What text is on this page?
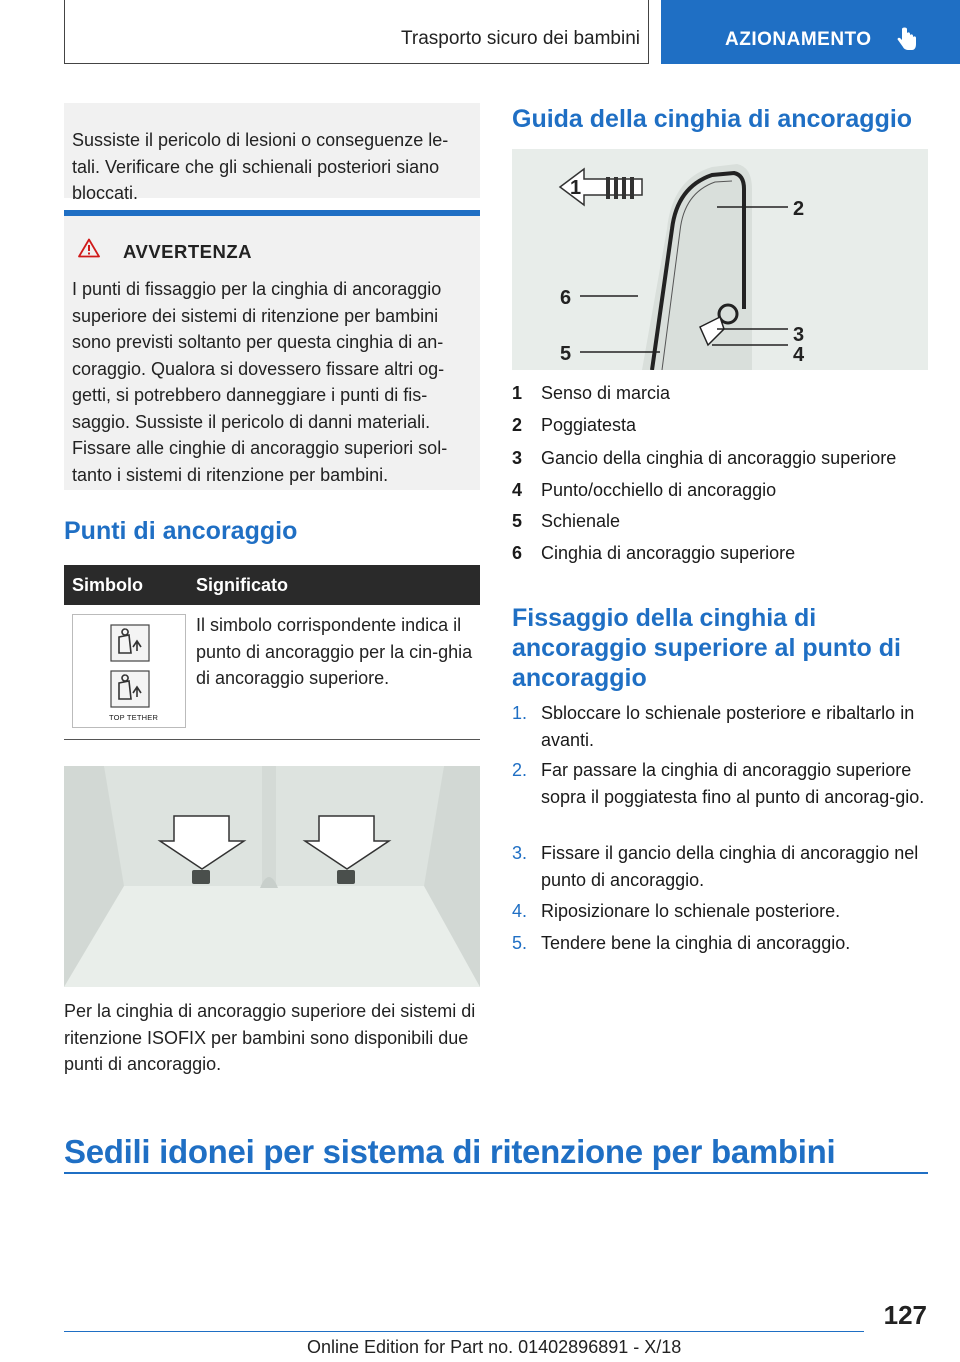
Trasporto sicuro dei bambini	AZIONAMENTO

Sussiste il pericolo di lesioni o conseguenze le-tali. Verificare che gli schienali posteriori siano bloccati.

AVVERTENZA

I punti di fissaggio per la cinghia di ancoraggio superiore dei sistemi di ritenzione per bambini sono previsti soltanto per questa cinghia di an-coraggio. Qualora si dovessero fissare altri og-getti, si potrebbero danneggiare i punti di fis-saggio. Sussiste il pericolo di danni materiali. Fissare alle cinghie di ancoraggio superiori sol-tanto i sistemi di ritenzione per bambini.

Punti di ancoraggio
Simbolo	Significato
TOP TETHER

Il simbolo corrispondente indica il punto di ancoraggio per la cin-ghia di ancoraggio superiore.

Per la cinghia di ancoraggio superiore dei sistemi di ritenzione ISOFIX per bambini sono disponibili due punti di ancoraggio.

Guida della cinghia di ancoraggio
1
2
6
3
4
5
1 Senso di marcia
2 Poggiatesta
3 Gancio della cinghia di ancoraggio superiore
4 Punto/occhiello di ancoraggio
5 Schienale
6 Cinghia di ancoraggio superiore
Fissaggio della cinghia di
ancoraggio superiore al punto di
ancoraggio
1. Sbloccare lo schienale posteriore e ribaltarlo in avanti.

2. Far passare la cinghia di ancoraggio superiore sopra il poggiatesta fino al punto di ancorag-gio.

3. Fissare il gancio della cinghia di ancoraggio nel punto di ancoraggio.

4. Riposizionare lo schienale posteriore.

5. Tendere bene la cinghia di ancoraggio.

Sedili idonei per sistema di ritenzione per bambini
127
Online Edition for Part no. 01402896891 - X/18
